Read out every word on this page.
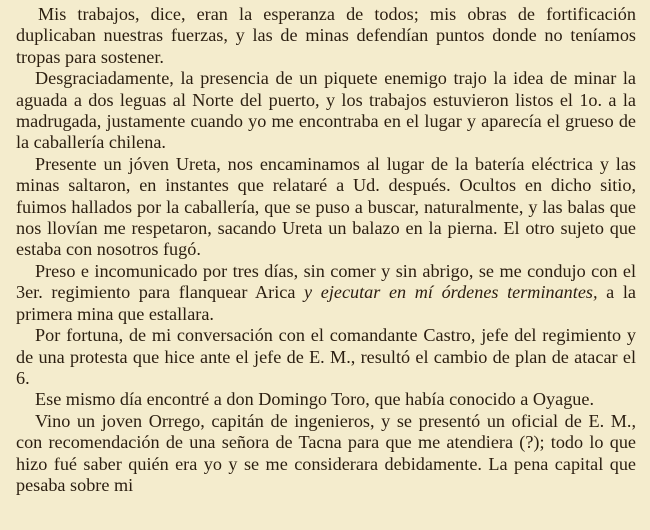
Mis trabajos, dice, eran la esperanza de todos; mis obras de fortificación duplicaban nuestras fuerzas, y las de minas defendían puntos donde no teníamos tropas para sostener.

Desgraciadamente, la presencia de un piquete enemigo trajo la idea de minar la aguada a dos leguas al Norte del puerto, y los trabajos estuvieron listos el 1o. a la madrugada, justamente cuando yo me encontraba en el lugar y aparecía el grueso de la caballería chilena.

Presente un jóven Ureta, nos encaminamos al lugar de la batería eléctrica y las minas saltaron, en instantes que relataré a Ud. después. Ocultos en dicho sitio, fuimos hallados por la caballería, que se puso a buscar, naturalmente, y las balas que nos llovían me respetaron, sacando Ureta un balazo en la pierna. El otro sujeto que estaba con nosotros fugó.

Preso e incomunicado por tres días, sin comer y sin abrigo, se me condujo con el 3er. regimiento para flanquear Arica y ejecutar en mí órdenes terminantes, a la primera mina que estallara.

Por fortuna, de mi conversación con el comandante Castro, jefe del regimiento y de una protesta que hice ante el jefe de E. M., resultó el cambio de plan de atacar el 6.

Ese mismo día encontré a don Domingo Toro, que había conocido a Oyague.

Vino un joven Orrego, capitán de ingenieros, y se presentó un oficial de E. M., con recomendación de una señora de Tacna para que me atendiera (?); todo lo que hizo fué saber quién era yo y se me considerara debidamente. La pena capital que pesaba sobre mi
